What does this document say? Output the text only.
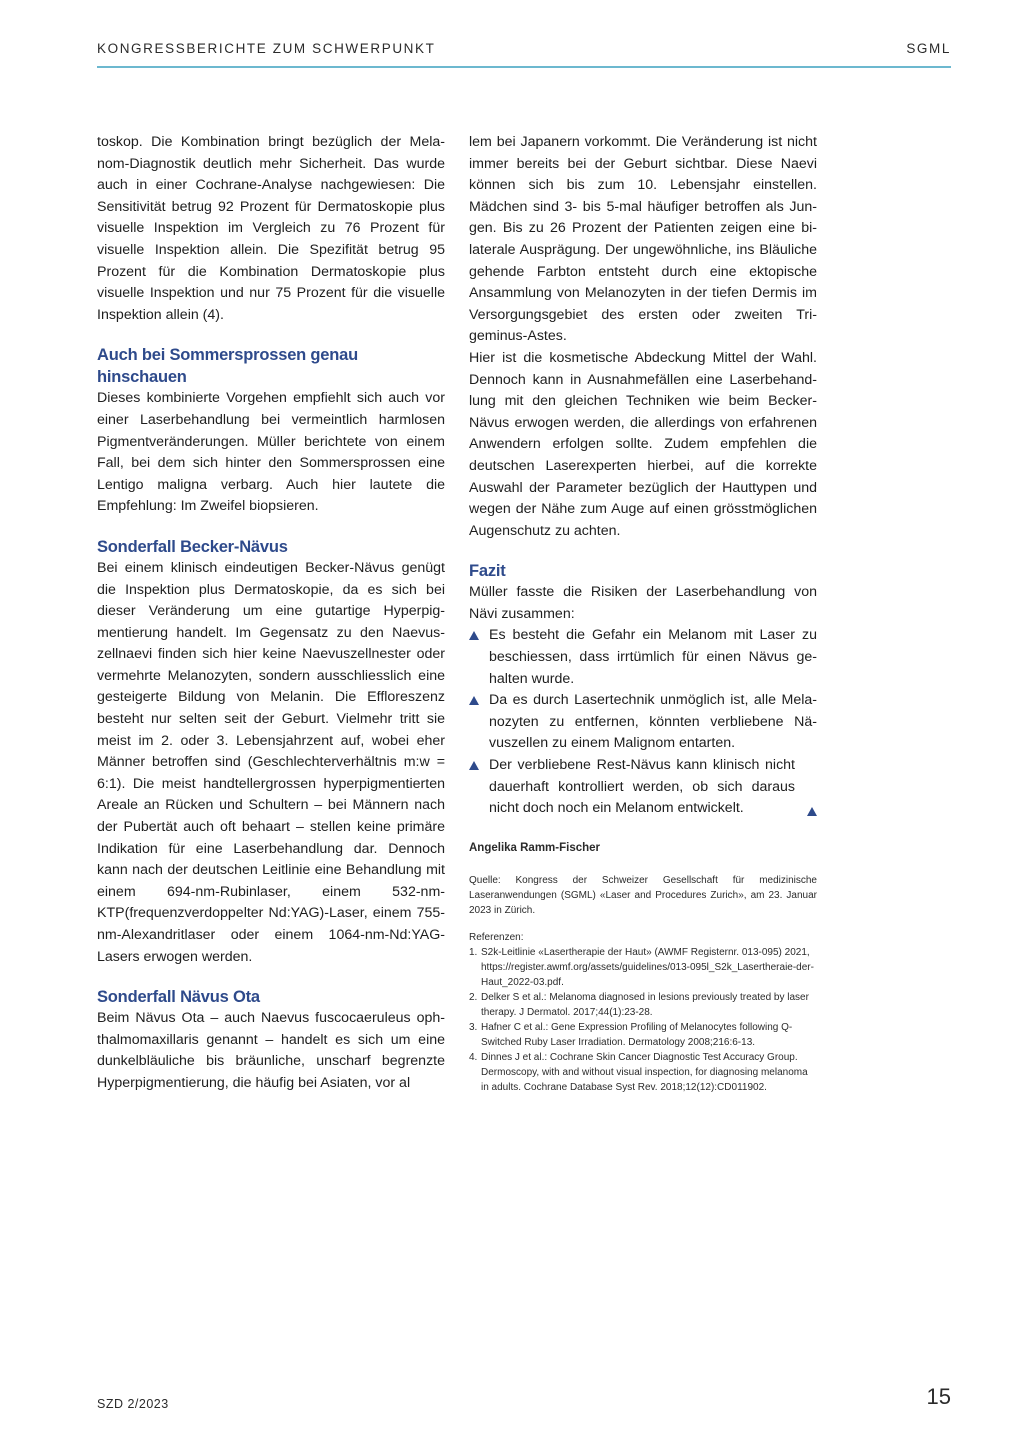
KONGRESSBERICHTE ZUM SCHWERPUNKT	SGML

toskop. Die Kombination bringt bezüglich der Melanom-Diagnostik deutlich mehr Sicherheit. Das wurde auch in einer Cochrane-Analyse nachgewiesen: Die Sensitivität betrug 92 Prozent für Dermatoskopie plus visuelle Inspektion im Vergleich zu 76 Prozent für visuelle Inspektion allein. Die Spezifität betrug 95 Prozent für die Kombination Dermatoskopie plus visuelle Inspektion und nur 75 Prozent für die visuelle Inspektion allein (4).

Auch bei Sommersprossen genau hinschauen

Dieses kombinierte Vorgehen empfiehlt sich auch vor einer Laserbehandlung bei vermeintlich harmlosen Pigmentveränderungen. Müller berichtete von einem Fall, bei dem sich hinter den Sommersprossen eine Lentigo maligna verbarg. Auch hier lautete die Empfehlung: Im Zweifel biopsieren.

Sonderfall Becker-Nävus

Bei einem klinisch eindeutigen Becker-Nävus genügt die Inspektion plus Dermatoskopie, da es sich bei dieser Veränderung um eine gutartige Hyperpigmentierung handelt. Im Gegensatz zu den Naevuszellnaevi finden sich hier keine Naevuszellnester oder vermehrte Melanozyten, sondern ausschliesslich eine gesteigerte Bildung von Melanin. Die Effloreszenz besteht nur selten seit der Geburt. Vielmehr tritt sie meist im 2. oder 3. Lebensjahrzent auf, wobei eher Männer betroffen sind (Geschlechterverhältnis m:w = 6:1). Die meist handtellergrossen hyperpigmentierten Areale an Rücken und Schultern – bei Männern nach der Pubertät auch oft behaart – stellen keine primäre Indikation für eine Laserbehandlung dar. Dennoch kann nach der deutschen Leitlinie eine Behandlung mit einem 694-nm-Rubinlaser, einem 532-nm-KTP(frequenzverdoppelter Nd:YAG)-Laser, einem 755-nm-Alexandritlaser oder einem 1064-nm-Nd:YAG-Lasers erwogen werden.

Sonderfall Nävus Ota

Beim Nävus Ota – auch Naevus fuscocaeruleus ophthalmomaxillaris genannt – handelt es sich um eine dunkelbläuliche bis bräunliche, unscharf begrenzte Hyperpigmentierung, die häufig bei Asiaten, vor al

lem bei Japanern vorkommt. Die Veränderung ist nicht immer bereits bei der Geburt sichtbar. Diese Naevi können sich bis zum 10. Lebensjahr einstellen. Mädchen sind 3- bis 5-mal häufiger betroffen als Jungen. Bis zu 26 Prozent der Patienten zeigen eine bilaterale Ausprägung. Der ungewöhnliche, ins Bläuliche gehende Farbton entsteht durch eine ektopische Ansammlung von Melanozyten in der tiefen Dermis im Versorgungsgebiet des ersten oder zweiten Trigeminus-Astes.

Hier ist die kosmetische Abdeckung Mittel der Wahl. Dennoch kann in Ausnahmefällen eine Laserbehandlung mit den gleichen Techniken wie beim Becker-Nävus erwogen werden, die allerdings von erfahrenen Anwendern erfolgen sollte. Zudem empfehlen die deutschen Laserexperten hierbei, auf die korrekte Auswahl der Parameter bezüglich der Hauttypen und wegen der Nähe zum Auge auf einen grösstmöglichen Augenschutz zu achten.

Fazit

Müller fasste die Risiken der Laserbehandlung von Nävi zusammen:

Es besteht die Gefahr ein Melanom mit Laser zu beschiessen, dass irrtümlich für einen Nävus gehalten wurde.
Da es durch Lasertechnik unmöglich ist, alle Melanozyten zu entfernen, könnten verbliebene Nävuszellen zu einem Malignom entarten.
Der verbliebene Rest-Nävus kann klinisch nicht dauerhaft kontrolliert werden, ob sich daraus nicht doch noch ein Melanom entwickelt.
Angelika Ramm-Fischer
Quelle: Kongress der Schweizer Gesellschaft für medizinische Laseranwendungen (SGML) «Laser and Procedures Zurich», am 23. Januar 2023 in Zürich.
Referenzen:
1. S2k-Leitlinie «Lasertherapie der Haut» (AWMF Registernr. 013-095) 2021, https://register.awmf.org/assets/guidelines/013-095l_S2k_Lasertheraie-der-Haut_2022-03.pdf.
2. Delker S et al.: Melanoma diagnosed in lesions previously treated by laser therapy. J Dermatol. 2017;44(1):23-28.
3. Hafner C et al.: Gene Expression Profiling of Melanocytes following Q-Switched Ruby Laser Irradiation. Dermatology 2008;216:6-13.
4. Dinnes J et al.: Cochrane Skin Cancer Diagnostic Test Accuracy Group. Dermoscopy, with and without visual inspection, for diagnosing melanoma in adults. Cochrane Database Syst Rev. 2018;12(12):CD011902.
SZD 2/2023	15
